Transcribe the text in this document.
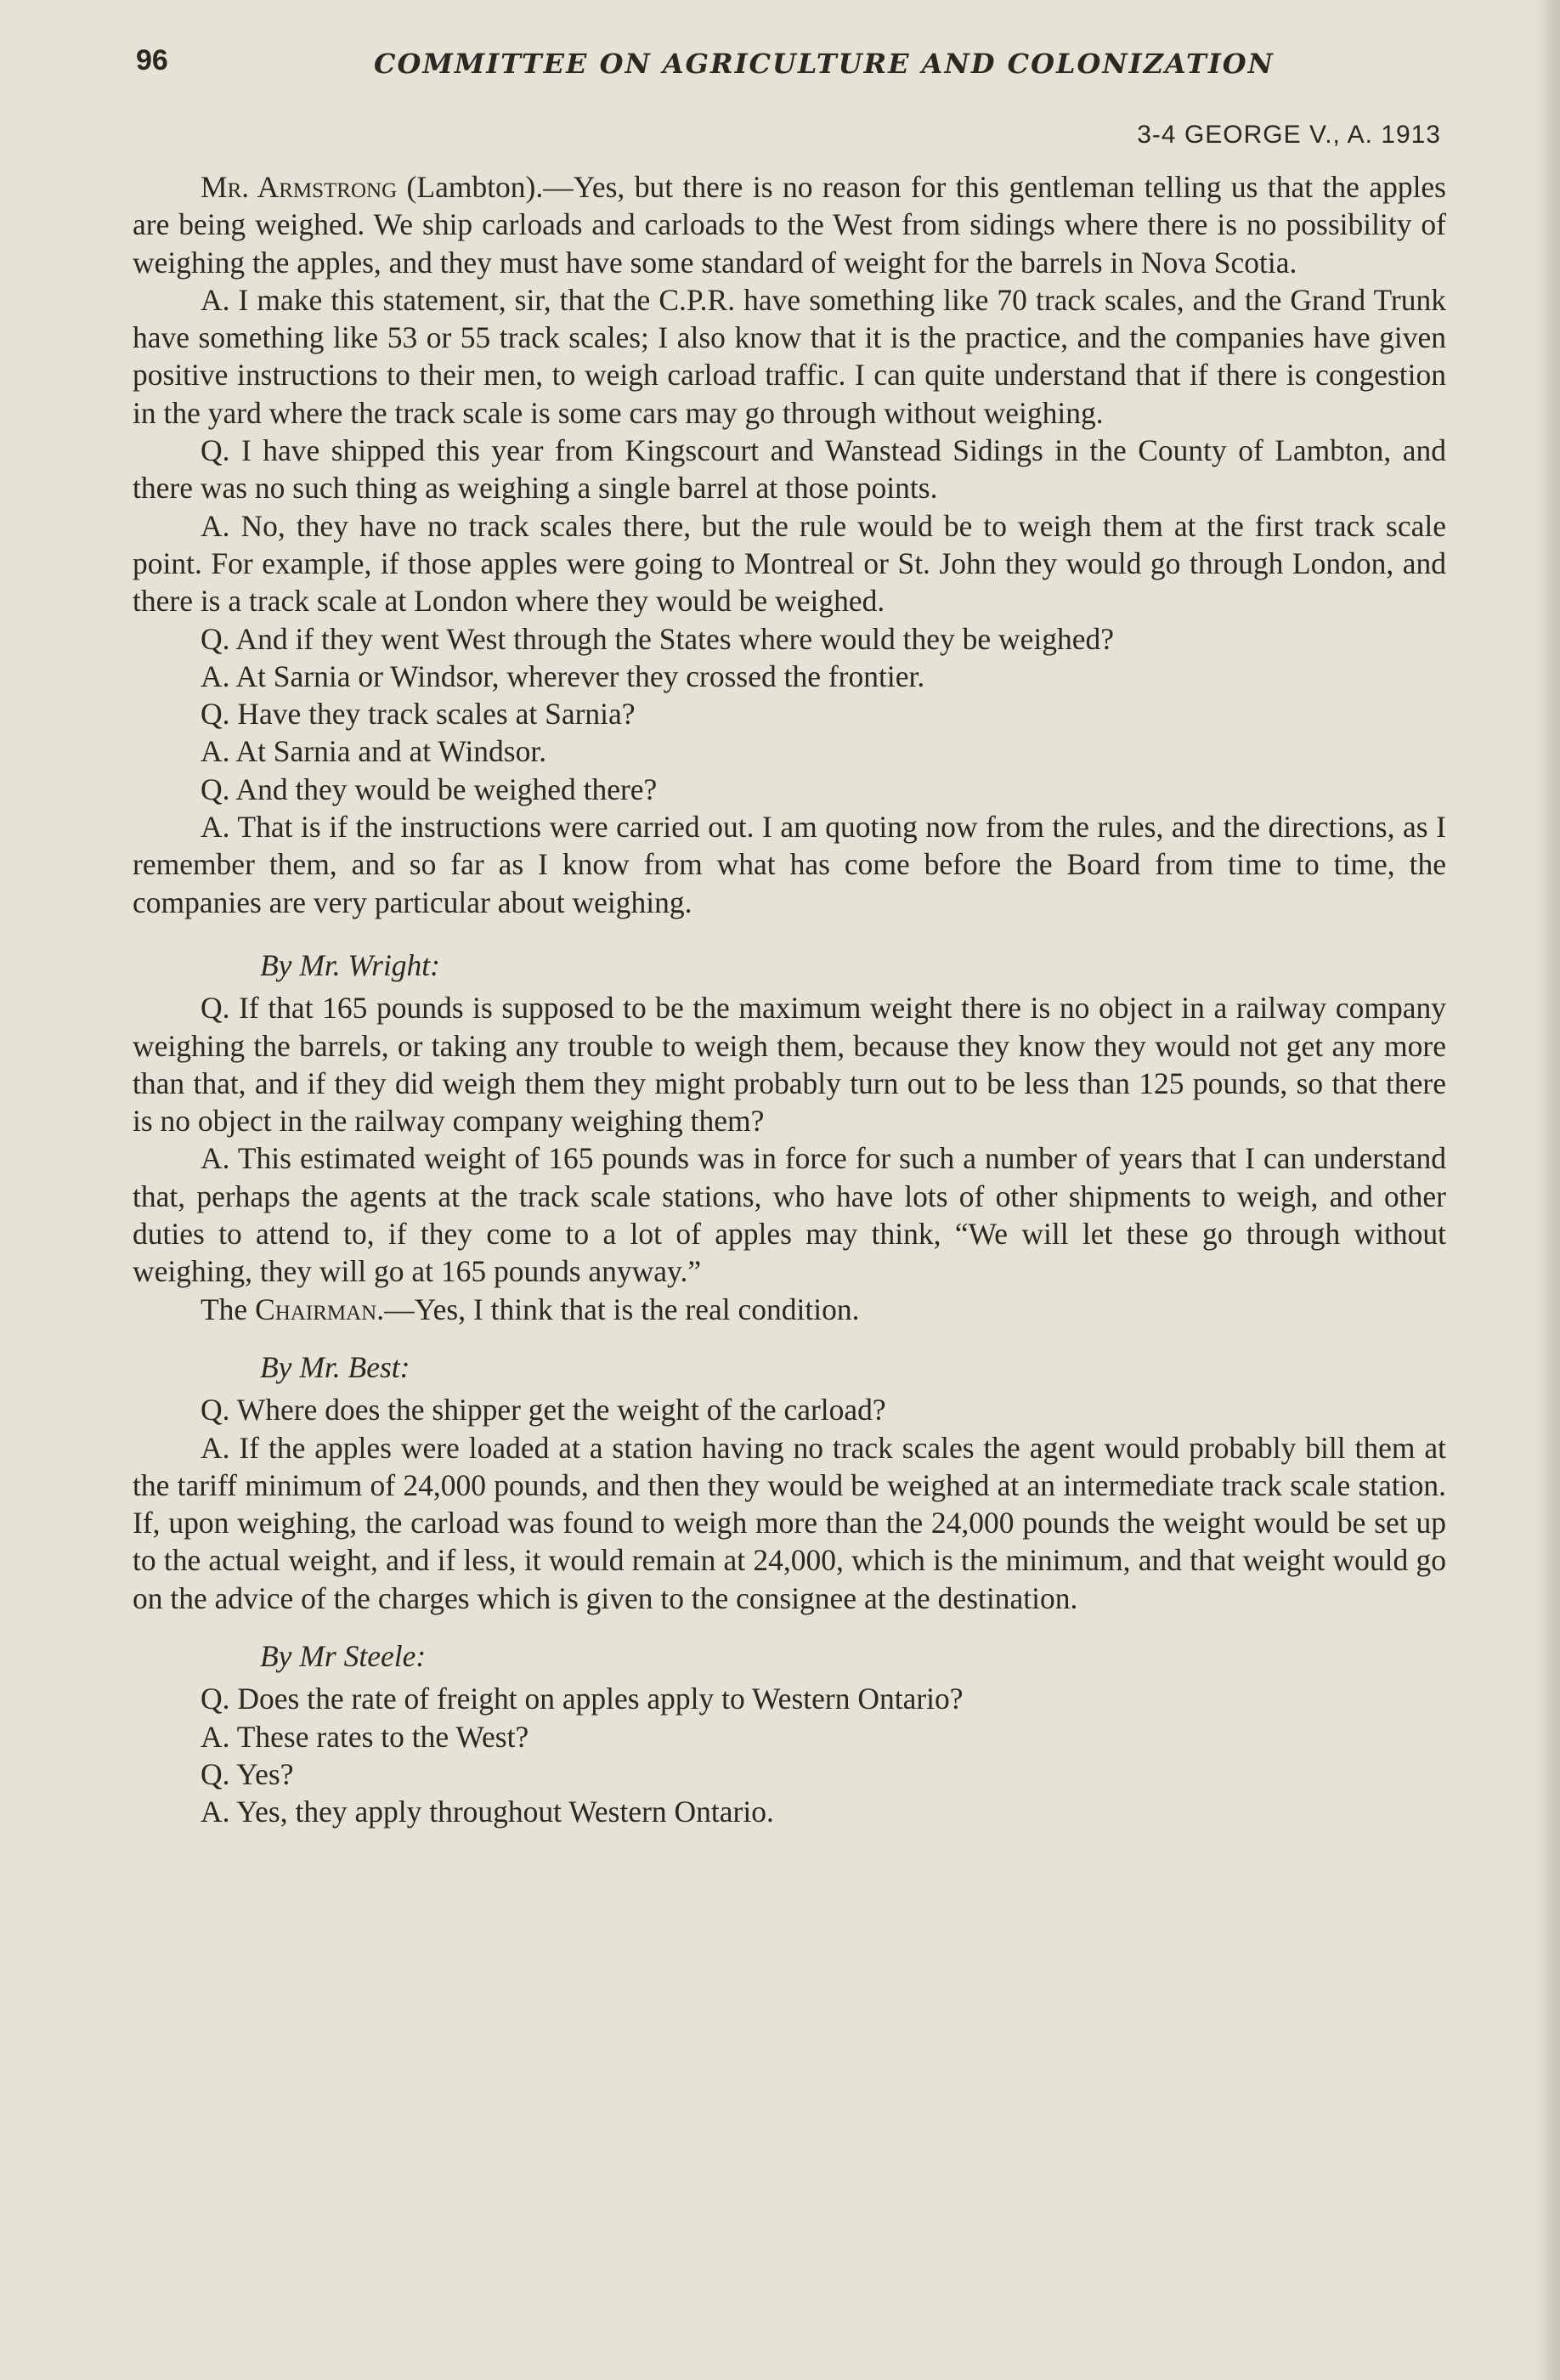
96	COMMITTEE ON AGRICULTURE AND COLONIZATION
3-4 GEORGE V., A. 1913

Mr. Armstrong (Lambton).—Yes, but there is no reason for this gentleman telling us that the apples are being weighed. We ship carloads and carloads to the West from sidings where there is no possibility of weighing the apples, and they must have some standard of weight for the barrels in Nova Scotia.

A. I make this statement, sir, that the C.P.R. have something like 70 track scales, and the Grand Trunk have something like 53 or 55 track scales; I also know that it is the practice, and the companies have given positive instructions to their men, to weigh carload traffic. I can quite understand that if there is congestion in the yard where the track scale is some cars may go through without weighing.

Q. I have shipped this year from Kingscourt and Wanstead Sidings in the County of Lambton, and there was no such thing as weighing a single barrel at those points.

A. No, they have no track scales there, but the rule would be to weigh them at the first track scale point. For example, if those apples were going to Montreal or St. John they would go through London, and there is a track scale at London where they would be weighed.

Q. And if they went West through the States where would they be weighed?

A. At Sarnia or Windsor, wherever they crossed the frontier.

Q. Have they track scales at Sarnia?

A. At Sarnia and at Windsor.

Q. And they would be weighed there?

A. That is if the instructions were carried out. I am quoting now from the rules, and the directions, as I remember them, and so far as I know from what has come before the Board from time to time, the companies are very particular about weighing.

By Mr. Wright:

Q. If that 165 pounds is supposed to be the maximum weight there is no object in a railway company weighing the barrels, or taking any trouble to weigh them, because they know they would not get any more than that, and if they did weigh them they might probably turn out to be less than 125 pounds, so that there is no object in the railway company weighing them?

A. This estimated weight of 165 pounds was in force for such a number of years that I can understand that, perhaps the agents at the track scale stations, who have lots of other shipments to weigh, and other duties to attend to, if they come to a lot of apples may think, “We will let these go through without weighing, they will go at 165 pounds anyway.”

The Chairman.—Yes, I think that is the real condition.

By Mr. Best:

Q. Where does the shipper get the weight of the carload?

A. If the apples were loaded at a station having no track scales the agent would probably bill them at the tariff minimum of 24,000 pounds, and then they would be weighed at an intermediate track scale station. If, upon weighing, the carload was found to weigh more than the 24,000 pounds the weight would be set up to the actual weight, and if less, it would remain at 24,000, which is the minimum, and that weight would go on the advice of the charges which is given to the consignee at the destination.

By Mr Steele:

Q. Does the rate of freight on apples apply to Western Ontario?

A. These rates to the West?

Q. Yes?

A. Yes, they apply throughout Western Ontario.
